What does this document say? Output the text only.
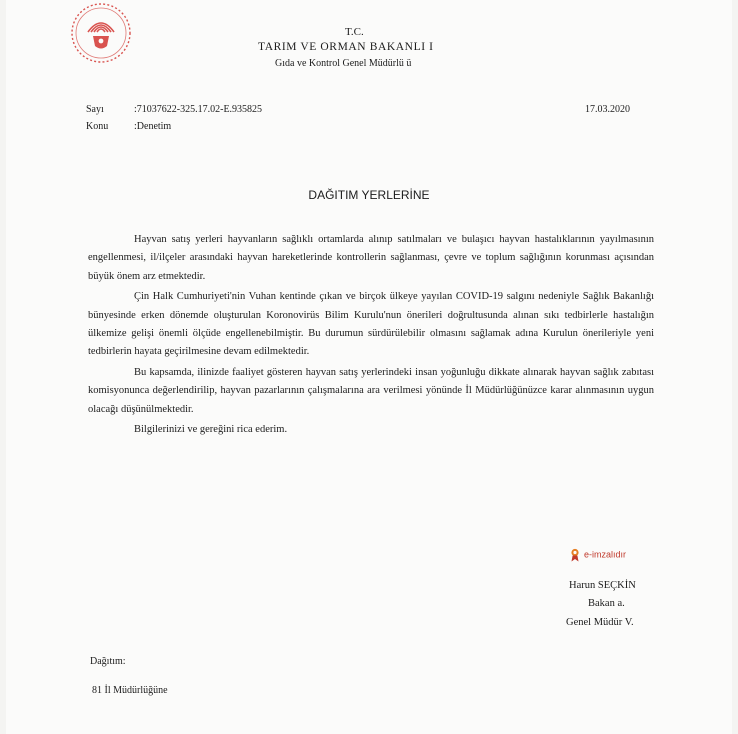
T.C.
TARIM VE ORMAN BAKANLI I
Gıda ve Kontrol Genel Müdürlü ü
Sayı	:71037622-325.17.02-E.935825
Konu	:Denetim
17.03.2020
DAĞITIM YERLERİNE

Hayvan satış yerleri hayvanların sağlıklı ortamlarda alınıp satılmaları ve bulaşıcı hayvan hastalıklarının yayılmasının engellenmesi, il/ilçeler arasındaki hayvan hareketlerinde kontrollerin sağlanması, çevre ve toplum sağlığının korunması açısından büyük önem arz etmektedir.

Çin Halk Cumhuriyeti'nin Vuhan kentinde çıkan ve birçok ülkeye yayılan COVID-19 salgını nedeniyle Sağlık Bakanlığı bünyesinde erken dönemde oluşturulan Koronovirüs Bilim Kurulu'nun önerileri doğrultusunda alınan sıkı tedbirlerle hastalığın ülkemize gelişi önemli ölçüde engellenebilmiştir. Bu durumun sürdürülebilir olmasını sağlamak adına Kurulun önerileriyle yeni tedbirlerin hayata geçirilmesine devam edilmektedir.

Bu kapsamda, ilinizde faaliyet gösteren hayvan satış yerlerindeki insan yoğunluğu dikkate alınarak hayvan sağlık zabıtası komisyonunca değerlendirilip, hayvan pazarlarının çalışmalarına ara verilmesi yönünde İl Müdürlüğünüzce karar alınmasının uygun olacağı düşünülmektedir.

Bilgilerinizi ve gereğini rica ederim.

e-imzalıdır
Harun SEÇKİN
Bakan a.
Genel Müdür V.
Dağıtım:
81 İl Müdürlüğüne
